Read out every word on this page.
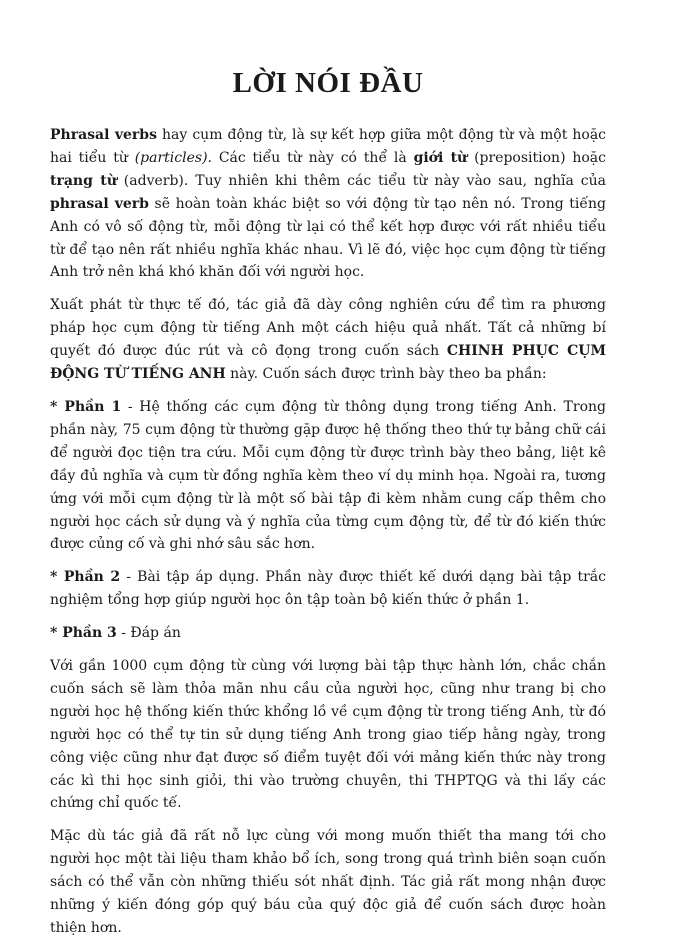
LỜI NÓI ĐẦU

Phrasal verbs hay cụm động từ, là sự kết hợp giữa một động từ và một hoặc hai tiểu từ (particles). Các tiểu từ này có thể là giới từ (preposition) hoặc trạng từ (adverb). Tuy nhiên khi thêm các tiểu từ này vào sau, nghĩa của phrasal verb sẽ hoàn toàn khác biệt so với động từ tạo nên nó. Trong tiếng Anh có vô số động từ, mỗi động từ lại có thể kết hợp được với rất nhiều tiểu từ để tạo nên rất nhiều nghĩa khác nhau. Vì lẽ đó, việc học cụm động từ tiếng Anh trở nên khá khó khăn đối với người học.

Xuất phát từ thực tế đó, tác giả đã dày công nghiên cứu để tìm ra phương pháp học cụm động từ tiếng Anh một cách hiệu quả nhất. Tất cả những bí quyết đó được đúc rút và cô đọng trong cuốn sách CHINH PHỤC CỤM ĐỘNG TỪ TIẾNG ANH này. Cuốn sách được trình bày theo ba phần:

* Phần 1 - Hệ thống các cụm động từ thông dụng trong tiếng Anh. Trong phần này, 75 cụm động từ thường gặp được hệ thống theo thứ tự bảng chữ cái để người đọc tiện tra cứu. Mỗi cụm động từ được trình bày theo bảng, liệt kê đầy đủ nghĩa và cụm từ đồng nghĩa kèm theo ví dụ minh họa. Ngoài ra, tương ứng với mỗi cụm động từ là một số bài tập đi kèm nhằm cung cấp thêm cho người học cách sử dụng và ý nghĩa của từng cụm động từ, để từ đó kiến thức được củng cố và ghi nhớ sâu sắc hơn.

* Phần 2 - Bài tập áp dụng. Phần này được thiết kế dưới dạng bài tập trắc nghiệm tổng hợp giúp người học ôn tập toàn bộ kiến thức ở phần 1.

* Phần 3 - Đáp án

Với gần 1000 cụm động từ cùng với lượng bài tập thực hành lớn, chắc chắn cuốn sách sẽ làm thỏa mãn nhu cầu của người học, cũng như trang bị cho người học hệ thống kiến thức khổng lồ về cụm động từ trong tiếng Anh, từ đó người học có thể tự tin sử dụng tiếng Anh trong giao tiếp hằng ngày, trong công việc cũng như đạt được số điểm tuyệt đối với mảng kiến thức này trong các kì thi học sinh giỏi, thi vào trường chuyên, thi THPTQG và thi lấy các chứng chỉ quốc tế.

Mặc dù tác giả đã rất nỗ lực cùng với mong muốn thiết tha mang tới cho người học một tài liệu tham khảo bổ ích, song trong quá trình biên soạn cuốn sách có thể vẫn còn những thiếu sót nhất định. Tác giả rất mong nhận được những ý kiến đóng góp quý báu của quý độc giả để cuốn sách được hoàn thiện hơn.
